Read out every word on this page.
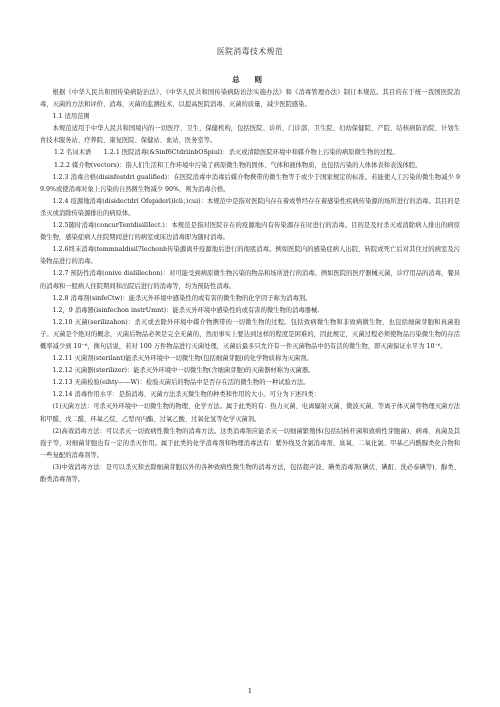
医院消毒技术规范
总 则

根据《中华人民共和国传染病防治法》、《中华人民共和国传染病防治法实施办法》和《消毒管理办法》制订本规范。其目的在于统一我国医院消毒，灭菌的方法和评价、消毒、灭菌的监测技术，以提高医院消毒、灭菌的质量，减少医院感染。

1.1 适用范围

本规范适用于中华人民共和国境内的一切医疗、卫生、保健机构，包括医院、诊所、门诊部、卫生院、妇幼保健院、产院、结核病防治院、计划生育技术服务站、疗养院、康复医院、保健站、血站、医务室等。

1.2 名词术语　　1.2.1 医院消毒(&Sinf6CtdriinbOSpiul)：杀灭或清除医院环境中和媒介物上污染的病原微生物的过程。

1.2.2 媒介物(vectors)：指人们生活和工作环境中污染了病原微生物的固体、气体和液体物质，也包括污染的人体体表和表浅体腔。

1.2.3 消毒合格(disinfestdri gualified)：在医院消毒中消毒后媒介物携带的微生物等于或少于国家规定的标准。若能使人工污染的微生物减少 99.9%或使消毒对象上污染的自然微生物减少 90%，则为消毒合格。

1.2.4 疫源地消毒(disidectdri Ofepiderl)lcli；)cui)：本规范中是指对医院内存在着或曾经存在着感染性疾病传染源的场所进行的消毒。其目的是杀灭或消除传染源排出的病原体。

1.2.5随时消毒(concurTentdisillIect.)：本规范是指对医院存在的疫源地内有传染源存在时进行的消毒。目的是及时杀灭或消除病人排出的病原微生物，感染症病人住院期间进行的病室或床边消毒即为随时消毒。

1.2.6终末消毒(temmnaldisil7lechonh传染源离开疫源地后进行的彻底消毒。例如医院内的感染症病人出院、转院或死亡后对其住过的病室及污染物品进行的消毒。

1.2.7 预防性消毒(onive dislillechon)：对可能受到病原微生物污染的物品和场所进行的消毒。例如医院的医疗器械灭菌，诊疗用品的消毒，餐具的消毒和一般病人住院期间和出院后进行的消毒等，均为预防性消毒。

1.2.8 消毒剂(sinfeCtw)：能杀灭外环境中感染性的或有害的微生物的化学因子称为消毒剂。

1.2，9 消毒器(isinfechon instrUmnt)：能杀灭外环境中感染性的或有害的微生物的消毒器械.

1.2.10 灭菌(serilizahon)：杀灭或去除外环境中媒介物携带的一切微生物的过程。包括致病微生物和非致病微生物，也包括细菌芽胞和真菌孢子。灭菌是个绝对的概念，灭菌后物品必须是完全无菌的，然而事实上要达到这样的程度是困难的，因此规定，灭菌过程必须使物品污染微生物的存活概率减少到 10⁻⁶，换句话说，若对 100 万件物品进行灭菌处理，灭菌后最多只允许有一件灭菌物品中仍有活的微生物，即灭菌保证水平为 10⁻⁶。

1.2.11 灭菌剂(sterilant)能杀灭外环境中一切微生物(包括细菌芽胞)的化学物质称为灭菌剂。

1.2.12 灭菌器(sterilizer)：能杀灭外环境中一切微生物(含细菌芽胞)的灭菌器材称为灭菌器。

1.2.13 无菌检验(eihty——W)：检验灭菌后的物品中是否存在活的微生物的一种试验方法。

1.2.14 消毒作用水平：是指消毒、灭菌方法杀灭微生物的种类和作用的大小。可分为下述四类：

(1)灭菌方法：可杀灭外环境中一切微生物的物理、化学方法。属于此类的有：热力灭菌、电离辐射灭菌、微波灭菌、等离子体灭菌等物理灭菌方法和甲醛、戊二醛、环氧乙烷、乙型丙内酯、过氧乙酸、过氧化氢等化学灭菌剂。

(2)高效消毒方法：可以杀灭一切致病性微生物的消毒方法。这类消毒剂应能杀灭一切细菌繁殖体(包括结核杆菌和致病性芽胞菌)、病毒、真菌及其孢子等，对细菌芽胞也有一定的杀灭作用。属于此类的化学消毒剂和物理消毒法有：紫外线及含氯消毒剂、臭氧、二氧化氯、甲基乙内酰脲类化合物和一些复配的消毒剂等。

(3)中效消毒方法：是可以杀灭和去除细菌芽胞以外的各种致病性微生物的消毒方法，包括超声波、碘类消毒剂(碘伏、碘酊、洗必泰碘等)、醇类、酚类消毒剂等。

1
